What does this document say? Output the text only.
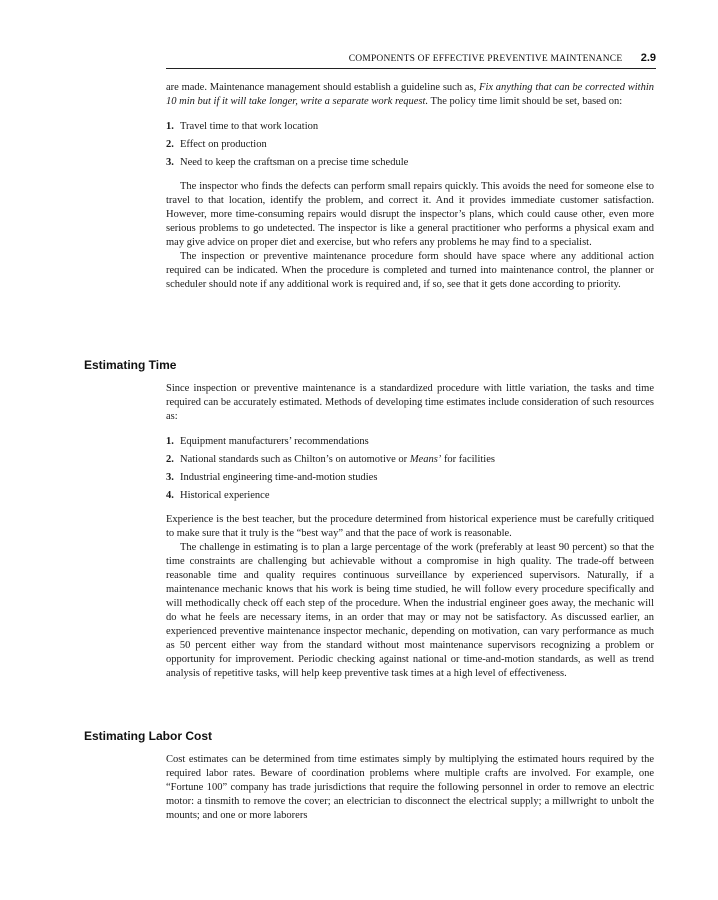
COMPONENTS OF EFFECTIVE PREVENTIVE MAINTENANCE 2.9

are made. Maintenance management should establish a guideline such as, Fix anything that can be corrected within 10 min but if it will take longer, write a separate work request. The policy time limit should be set, based on:

1. Travel time to that work location
2. Effect on production
3. Need to keep the craftsman on a precise time schedule

The inspector who finds the defects can perform small repairs quickly. This avoids the need for someone else to travel to that location, identify the problem, and correct it. And it provides immediate customer satisfaction. However, more time-consuming repairs would disrupt the inspector’s plans, which could cause other, even more serious problems to go undetected. The inspector is like a general practitioner who performs a physical exam and may give advice on proper diet and exercise, but who refers any problems he may find to a specialist.

The inspection or preventive maintenance procedure form should have space where any additional action required can be indicated. When the procedure is completed and turned into maintenance control, the planner or scheduler should note if any additional work is required and, if so, see that it gets done according to priority.

Estimating Time

Since inspection or preventive maintenance is a standardized procedure with little variation, the tasks and time required can be accurately estimated. Methods of developing time estimates include consideration of such resources as:

1. Equipment manufacturers’ recommendations
2. National standards such as Chilton’s on automotive or Means’ for facilities
3. Industrial engineering time-and-motion studies
4. Historical experience

Experience is the best teacher, but the procedure determined from historical experience must be carefully critiqued to make sure that it truly is the “best way” and that the pace of work is reasonable.

The challenge in estimating is to plan a large percentage of the work (preferably at least 90 percent) so that the time constraints are challenging but achievable without a compromise in high quality. The trade-off between reasonable time and quality requires continuous surveillance by experienced supervisors. Naturally, if a maintenance mechanic knows that his work is being time studied, he will follow every procedure specifically and will methodically check off each step of the procedure. When the industrial engineer goes away, the mechanic will do what he feels are necessary items, in an order that may or may not be satisfactory. As discussed earlier, an experienced preventive maintenance inspector mechanic, depending on motivation, can vary performance as much as 50 percent either way from the standard without most maintenance supervisors recognizing a problem or opportunity for improvement. Periodic checking against national or time-and-motion standards, as well as trend analysis of repetitive tasks, will help keep preventive task times at a high level of effectiveness.

Estimating Labor Cost

Cost estimates can be determined from time estimates simply by multiplying the estimated hours required by the required labor rates. Beware of coordination problems where multiple crafts are involved. For example, one “Fortune 100” company has trade jurisdictions that require the following personnel in order to remove an electric motor: a tinsmith to remove the cover; an electrician to disconnect the electrical supply; a millwright to unbolt the mounts; and one or more laborers
